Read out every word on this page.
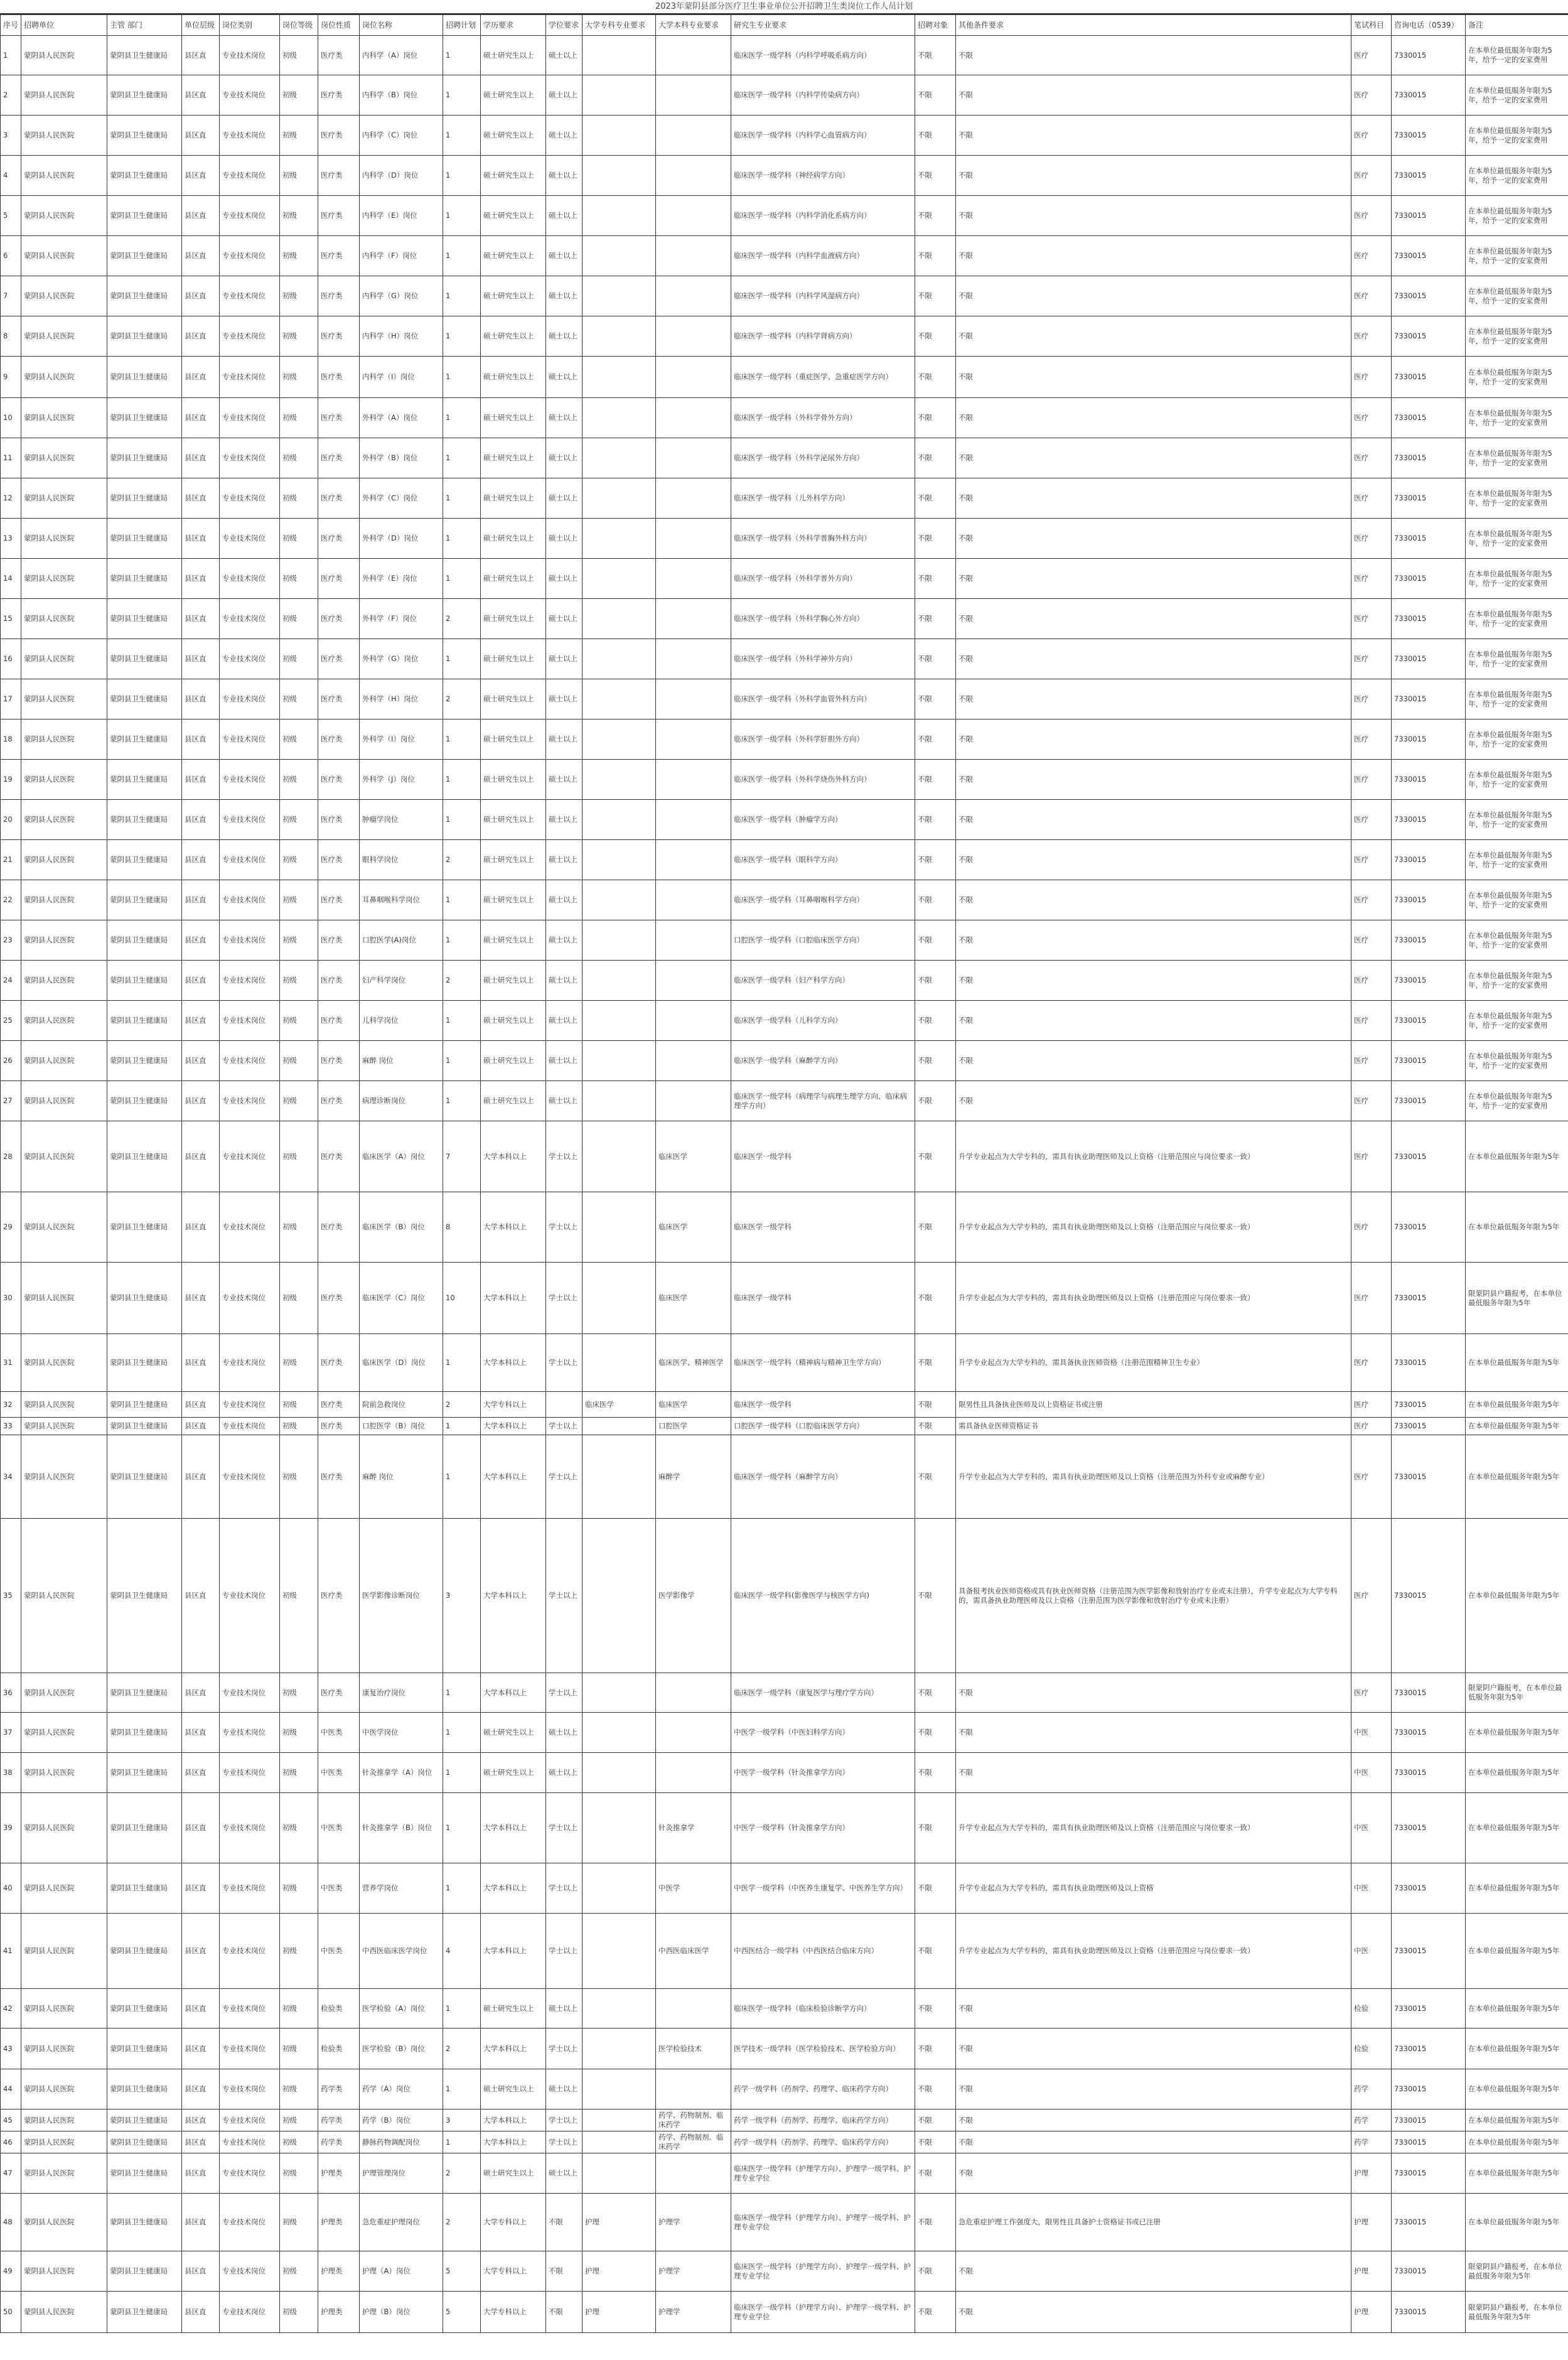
2023年蒙阴县部分医疗卫生事业单位公开招聘卫生类岗位工作人员计划
序号	招聘单位	主管 部门	单位层级	岗位类别	岗位等级	岗位性质	岗位名称	招聘计划	学历要求	学位要求	大学专科专业要求	大学本科专业要求	研究生专业要求	招聘对象	其他条件要求	笔试科目	咨询电话（0539）	备注
1	蒙阴县人民医院	蒙阴县卫生健康局	县区直	专业技术岗位	初级	医疗类	内科学（A）岗位	1	硕士研究生以上	硕士以上			临床医学一级学科（内科学呼吸系病方向）	不限	不限	医疗	7330015	在本单位最低服务年限为5年，给予一定的安家费用
2	蒙阴县人民医院	蒙阴县卫生健康局	县区直	专业技术岗位	初级	医疗类	内科学（B）岗位	1	硕士研究生以上	硕士以上			临床医学一级学科（内科学传染病方向）	不限	不限	医疗	7330015	在本单位最低服务年限为5年，给予一定的安家费用
3	蒙阴县人民医院	蒙阴县卫生健康局	县区直	专业技术岗位	初级	医疗类	内科学（C）岗位	1	硕士研究生以上	硕士以上			临床医学一级学科（内科学心血管病方向）	不限	不限	医疗	7330015	在本单位最低服务年限为5年，给予一定的安家费用
4	蒙阴县人民医院	蒙阴县卫生健康局	县区直	专业技术岗位	初级	医疗类	内科学（D）岗位	1	硕士研究生以上	硕士以上			临床医学一级学科（神经病学方向）	不限	不限	医疗	7330015	在本单位最低服务年限为5年，给予一定的安家费用
5	蒙阴县人民医院	蒙阴县卫生健康局	县区直	专业技术岗位	初级	医疗类	内科学（E）岗位	1	硕士研究生以上	硕士以上			临床医学一级学科（内科学消化系病方向）	不限	不限	医疗	7330015	在本单位最低服务年限为5年，给予一定的安家费用
6	蒙阴县人民医院	蒙阴县卫生健康局	县区直	专业技术岗位	初级	医疗类	内科学（F）岗位	1	硕士研究生以上	硕士以上			临床医学一级学科（内科学血液病方向）	不限	不限	医疗	7330015	在本单位最低服务年限为5年，给予一定的安家费用
7	蒙阴县人民医院	蒙阴县卫生健康局	县区直	专业技术岗位	初级	医疗类	内科学（G）岗位	1	硕士研究生以上	硕士以上			临床医学一级学科（内科学风湿病方向）	不限	不限	医疗	7330015	在本单位最低服务年限为5年，给予一定的安家费用
8	蒙阴县人民医院	蒙阴县卫生健康局	县区直	专业技术岗位	初级	医疗类	内科学（H）岗位	1	硕士研究生以上	硕士以上			临床医学一级学科（内科学肾病方向）	不限	不限	医疗	7330015	在本单位最低服务年限为5年，给予一定的安家费用
9	蒙阴县人民医院	蒙阴县卫生健康局	县区直	专业技术岗位	初级	医疗类	内科学（I）岗位	1	硕士研究生以上	硕士以上			临床医学一级学科（重症医学、急重症医学方向）	不限	不限	医疗	7330015	在本单位最低服务年限为5年，给予一定的安家费用
10	蒙阴县人民医院	蒙阴县卫生健康局	县区直	专业技术岗位	初级	医疗类	外科学（A）岗位	1	硕士研究生以上	硕士以上			临床医学一级学科（外科学骨外方向）	不限	不限	医疗	7330015	在本单位最低服务年限为5年，给予一定的安家费用
11	蒙阴县人民医院	蒙阴县卫生健康局	县区直	专业技术岗位	初级	医疗类	外科学（B）岗位	1	硕士研究生以上	硕士以上			临床医学一级学科（外科学泌尿外方向）	不限	不限	医疗	7330015	在本单位最低服务年限为5年，给予一定的安家费用
12	蒙阴县人民医院	蒙阴县卫生健康局	县区直	专业技术岗位	初级	医疗类	外科学（C）岗位	1	硕士研究生以上	硕士以上			临床医学一级学科（儿外科学方向）	不限	不限	医疗	7330015	在本单位最低服务年限为5年，给予一定的安家费用
13	蒙阴县人民医院	蒙阴县卫生健康局	县区直	专业技术岗位	初级	医疗类	外科学（D）岗位	1	硕士研究生以上	硕士以上			临床医学一级学科（外科学普胸外科方向）	不限	不限	医疗	7330015	在本单位最低服务年限为5年，给予一定的安家费用
14	蒙阴县人民医院	蒙阴县卫生健康局	县区直	专业技术岗位	初级	医疗类	外科学（E）岗位	1	硕士研究生以上	硕士以上			临床医学一级学科（外科学普外方向）	不限	不限	医疗	7330015	在本单位最低服务年限为5年，给予一定的安家费用
15	蒙阴县人民医院	蒙阴县卫生健康局	县区直	专业技术岗位	初级	医疗类	外科学（F）岗位	2	硕士研究生以上	硕士以上			临床医学一级学科（外科学胸心外方向）	不限	不限	医疗	7330015	在本单位最低服务年限为5年，给予一定的安家费用
16	蒙阴县人民医院	蒙阴县卫生健康局	县区直	专业技术岗位	初级	医疗类	外科学（G）岗位	1	硕士研究生以上	硕士以上			临床医学一级学科（外科学神外方向）	不限	不限	医疗	7330015	在本单位最低服务年限为5年，给予一定的安家费用
17	蒙阴县人民医院	蒙阴县卫生健康局	县区直	专业技术岗位	初级	医疗类	外科学（H）岗位	2	硕士研究生以上	硕士以上			临床医学一级学科（外科学血管外科方向）	不限	不限	医疗	7330015	在本单位最低服务年限为5年，给予一定的安家费用
18	蒙阴县人民医院	蒙阴县卫生健康局	县区直	专业技术岗位	初级	医疗类	外科学（I）岗位	1	硕士研究生以上	硕士以上			临床医学一级学科（外科学肝胆外方向）	不限	不限	医疗	7330015	在本单位最低服务年限为5年，给予一定的安家费用
19	蒙阴县人民医院	蒙阴县卫生健康局	县区直	专业技术岗位	初级	医疗类	外科学（J）岗位	1	硕士研究生以上	硕士以上			临床医学一级学科（外科学烧伤外科方向）	不限	不限	医疗	7330015	在本单位最低服务年限为5年，给予一定的安家费用
20	蒙阴县人民医院	蒙阴县卫生健康局	县区直	专业技术岗位	初级	医疗类	肿瘤学岗位	1	硕士研究生以上	硕士以上			临床医学一级学科（肿瘤学方向）	不限	不限	医疗	7330015	在本单位最低服务年限为5年，给予一定的安家费用
21	蒙阴县人民医院	蒙阴县卫生健康局	县区直	专业技术岗位	初级	医疗类	眼科学岗位	2	硕士研究生以上	硕士以上			临床医学一级学科（眼科学方向）	不限	不限	医疗	7330015	在本单位最低服务年限为5年，给予一定的安家费用
22	蒙阴县人民医院	蒙阴县卫生健康局	县区直	专业技术岗位	初级	医疗类	耳鼻咽喉科学岗位	1	硕士研究生以上	硕士以上			临床医学一级学科（耳鼻咽喉科学方向）	不限	不限	医疗	7330015	在本单位最低服务年限为5年，给予一定的安家费用
23	蒙阴县人民医院	蒙阴县卫生健康局	县区直	专业技术岗位	初级	医疗类	口腔医学(A)岗位	1	硕士研究生以上	硕士以上			口腔医学一级学科（口腔临床医学方向）	不限	不限	医疗	7330015	在本单位最低服务年限为5年，给予一定的安家费用
24	蒙阴县人民医院	蒙阴县卫生健康局	县区直	专业技术岗位	初级	医疗类	妇产科学岗位	2	硕士研究生以上	硕士以上			临床医学一级学科（妇产科学方向）	不限	不限	医疗	7330015	在本单位最低服务年限为5年，给予一定的安家费用
25	蒙阴县人民医院	蒙阴县卫生健康局	县区直	专业技术岗位	初级	医疗类	儿科学岗位	1	硕士研究生以上	硕士以上			临床医学一级学科（儿科学方向）	不限	不限	医疗	7330015	在本单位最低服务年限为5年，给予一定的安家费用
26	蒙阴县人民医院	蒙阴县卫生健康局	县区直	专业技术岗位	初级	医疗类	麻醉 岗位	1	硕士研究生以上	硕士以上			临床医学一级学科（麻醉学方向）	不限	不限	医疗	7330015	在本单位最低服务年限为5年，给予一定的安家费用
27	蒙阴县人民医院	蒙阴县卫生健康局	县区直	专业技术岗位	初级	医疗类	病理诊断岗位	1	硕士研究生以上	硕士以上			临床医学一级学科（病理学与病理生理学方向、临床病理学方向）	不限	不限	医疗	7330015	在本单位最低服务年限为5年，给予一定的安家费用
28	蒙阴县人民医院	蒙阴县卫生健康局	县区直	专业技术岗位	初级	医疗类	临床医学（A）岗位	7	大学本科以上	学士以上		临床医学	临床医学一级学科	不限	升学专业起点为大学专科的，需具有执业助理医师及以上资格（注册范围应与岗位要求一致）	医疗	7330015	在本单位最低服务年限为5年
29	蒙阴县人民医院	蒙阴县卫生健康局	县区直	专业技术岗位	初级	医疗类	临床医学（B）岗位	8	大学本科以上	学士以上		临床医学	临床医学一级学科	不限	升学专业起点为大学专科的，需具有执业助理医师及以上资格（注册范围应与岗位要求一致）	医疗	7330015	在本单位最低服务年限为5年
30	蒙阴县人民医院	蒙阴县卫生健康局	县区直	专业技术岗位	初级	医疗类	临床医学（C）岗位	10	大学本科以上	学士以上		临床医学	临床医学一级学科	不限	升学专业起点为大学专科的，需具有执业助理医师及以上资格（注册范围应与岗位要求一致）	医疗	7330015	限蒙阴县户籍报考，在本单位最低服务年限为5年
31	蒙阴县人民医院	蒙阴县卫生健康局	县区直	专业技术岗位	初级	医疗类	临床医学（D）岗位	1	大学本科以上	学士以上		临床医学、精神医学	临床医学一级学科（精神病与精神卫生学方向）	不限	升学专业起点为大学专科的，需具备执业医师资格（注册范围精神卫生专业）	医疗	7330015	在本单位最低服务年限为5年
32	蒙阴县人民医院	蒙阴县卫生健康局	县区直	专业技术岗位	初级	医疗类	院前急救岗位	2	大学专科以上		临床医学	临床医学	临床医学一级学科	不限	限男性且具备执业医师及以上资格证书或注册	医疗	7330015	在本单位最低服务年限为5年
33	蒙阴县人民医院	蒙阴县卫生健康局	县区直	专业技术岗位	初级	医疗类	口腔医学（B）岗位	1	大学本科以上	学士以上		口腔医学	口腔医学一级学科（口腔临床医学方向）	不限	需具备执业医师资格证书	医疗	7330015	在本单位最低服务年限为5年
34	蒙阴县人民医院	蒙阴县卫生健康局	县区直	专业技术岗位	初级	医疗类	麻醉 岗位	1	大学本科以上	学士以上		麻醉学	临床医学一级学科（麻醉学方向）	不限	升学专业起点为大学专科的，需具有执业助理医师及以上资格（注册范围为外科专业或麻醉专业）	医疗	7330015	在本单位最低服务年限为5年
35	蒙阴县人民医院	蒙阴县卫生健康局	县区直	专业技术岗位	初级	医疗类	医学影像诊断岗位	3	大学本科以上	学士以上		医学影像学	临床医学一级学科(影像医学与核医学方向)	不限	具备报考执业医师资格或具有执业医师资格（注册范围为医学影像和放射治疗专业或未注册），升学专业起点为大学专科的，需具备执业助理医师及以上资格（注册范围为医学影像和放射治疗专业或未注册）	医疗	7330015	在本单位最低服务年限为5年
36	蒙阴县人民医院	蒙阴县卫生健康局	县区直	专业技术岗位	初级	医疗类	康复治疗岗位	1	大学本科以上	学士以上			临床医学一级学科（康复医学与理疗学方向）	不限	不限	医疗	7330015	限蒙阴户籍报考，在本单位最低服务年限为5年
37	蒙阴县人民医院	蒙阴县卫生健康局	县区直	专业技术岗位	初级	中医类	中医学岗位	1	硕士研究生以上	硕士以上			中医学一级学科（中医妇科学方向）	不限	不限	中医	7330015	在本单位最低服务年限为5年
38	蒙阴县人民医院	蒙阴县卫生健康局	县区直	专业技术岗位	初级	中医类	针灸推拿学（A）岗位	1	硕士研究生以上	硕士以上			中医学一级学科（针灸推拿学方向）	不限	不限	中医	7330015	在本单位最低服务年限为5年
39	蒙阴县人民医院	蒙阴县卫生健康局	县区直	专业技术岗位	初级	中医类	针灸推拿学（B）岗位	1	大学本科以上	学士以上		针灸推拿学	中医学一级学科（针灸推拿学方向）	不限	升学专业起点为大学专科的，需具有执业助理医师及以上资格（注册范围应与岗位要求一致）	中医	7330015	在本单位最低服务年限为5年
40	蒙阴县人民医院	蒙阴县卫生健康局	县区直	专业技术岗位	初级	中医类	营养学岗位	1	大学本科以上	学士以上		中医学	中医学一级学科（中医养生康复学、中医养生学方向）	不限	升学专业起点为大学专科的，需具有执业助理医师及以上资格	中医	7330015	在本单位最低服务年限为5年
41	蒙阴县人民医院	蒙阴县卫生健康局	县区直	专业技术岗位	初级	中医类	中西医临床医学岗位	4	大学本科以上	学士以上		中西医临床医学	中西医结合一级学科（中西医结合临床方向）	不限	升学专业起点为大学专科的，需具有执业助理医师及以上资格（注册范围应与岗位要求一致）	中医	7330015	在本单位最低服务年限为5年
42	蒙阴县人民医院	蒙阴县卫生健康局	县区直	专业技术岗位	初级	检验类	医学检验（A）岗位	1	硕士研究生以上	硕士以上			临床医学一级学科（临床检验诊断学方向）	不限	不限	检验	7330015	在本单位最低服务年限为5年
43	蒙阴县人民医院	蒙阴县卫生健康局	县区直	专业技术岗位	初级	检验类	医学检验（B）岗位	2	大学本科以上	学士以上		医学检验技术	医学技术一级学科（医学检验技术、医学检验方向）	不限	不限	检验	7330015	在本单位最低服务年限为5年
44	蒙阴县人民医院	蒙阴县卫生健康局	县区直	专业技术岗位	初级	药学类	药学（A）岗位	1	硕士研究生以上	硕士以上			药学一级学科（药剂学、药理学、临床药学方向）	不限	不限	药学	7330015	在本单位最低服务年限为5年
45	蒙阴县人民医院	蒙阴县卫生健康局	县区直	专业技术岗位	初级	药学类	药学（B）岗位	3	大学本科以上	学士以上		药学、药物制剂、临床药学	药学一级学科（药剂学、药理学、临床药学方向）	不限	不限	药学	7330015	在本单位最低服务年限为5年
46	蒙阴县人民医院	蒙阴县卫生健康局	县区直	专业技术岗位	初级	药学类	静脉药物调配岗位	1	大学本科以上	学士以上		药学、药物制剂、临床药学	药学一级学科（药剂学、药理学、临床药学方向）	不限	不限	药学	7330015	在本单位最低服务年限为5年
47	蒙阴县人民医院	蒙阴县卫生健康局	县区直	专业技术岗位	初级	护理类	护理管理岗位	2	硕士研究生以上	硕士以上			临床医学一级学科（护理学方向）、护理学一级学科、护理专业学位	不限	不限	护理	7330015	在本单位最低服务年限为5年
48	蒙阴县人民医院	蒙阴县卫生健康局	县区直	专业技术岗位	初级	护理类	急危重症护理岗位	2	大学专科以上	不限	护理	护理学	临床医学一级学科（护理学方向）、护理学一级学科、护理专业学位	不限	急危重症护理工作强度大，限男性且具备护士资格证书或已注册	护理	7330015	在本单位最低服务年限为5年
49	蒙阴县人民医院	蒙阴县卫生健康局	县区直	专业技术岗位	初级	护理类	护理（A）岗位	5	大学专科以上	不限	护理	护理学	临床医学一级学科（护理学方向）、护理学一级学科、护理专业学位	不限	不限	护理	7330015	限蒙阴县户籍报考，在本单位最低服务年限为5年
50	蒙阴县人民医院	蒙阴县卫生健康局	县区直	专业技术岗位	初级	护理类	护理（B）岗位	5	大学专科以上	不限	护理	护理学	临床医学一级学科（护理学方向）、护理学一级学科、护理专业学位	不限	不限	护理	7330015	限蒙阴县户籍报考，在本单位最低服务年限为5年
